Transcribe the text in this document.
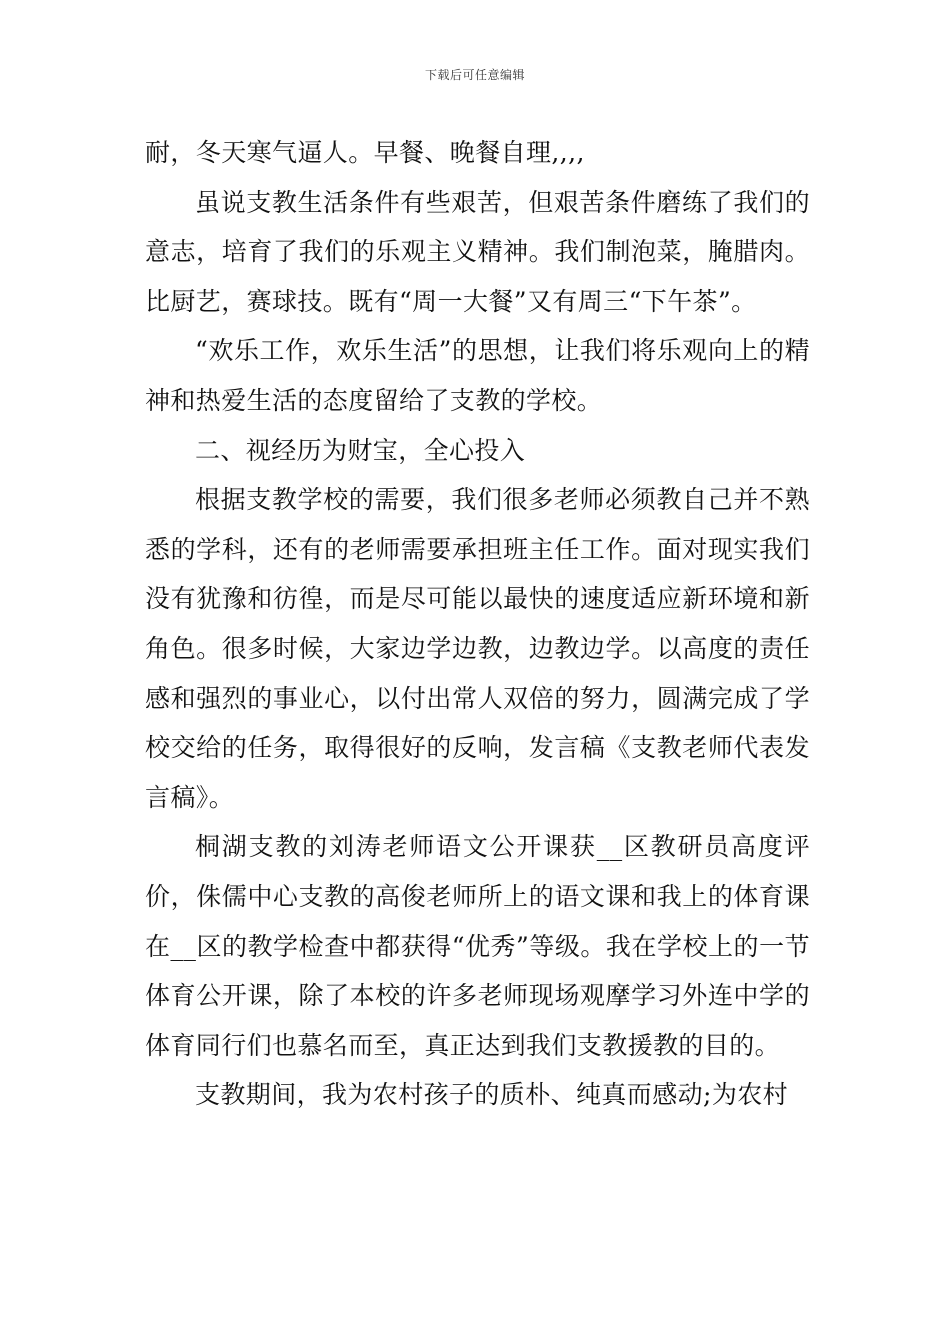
下载后可任意编辑

耐，冬天寒气逼人。早餐、晚餐自理,,,,

虽说支教生活条件有些艰苦，但艰苦条件磨练了我们的意志，培育了我们的乐观主义精神。我们制泡菜，腌腊肉。比厨艺，赛球技。既有“周一大餐”又有周三“下午茶”。

“欢乐工作，欢乐生活”的思想，让我们将乐观向上的精神和热爱生活的态度留给了支教的学校。

二、视经历为财宝，全心投入

根据支教学校的需要，我们很多老师必须教自己并不熟悉的学科，还有的老师需要承担班主任工作。面对现实我们没有犹豫和彷徨，而是尽可能以最快的速度适应新环境和新角色。很多时候，大家边学边教，边教边学。以高度的责任感和强烈的事业心，以付出常人双倍的努力，圆满完成了学校交给的任务，取得很好的反响，发言稿《支教老师代表发言稿》。

桐湖支教的刘涛老师语文公开课获__区教研员高度评价，侏儒中心支教的高俊老师所上的语文课和我上的体育课在__区的教学检查中都获得“优秀”等级。我在学校上的一节体育公开课，除了本校的许多老师现场观摩学习外连中学的体育同行们也慕名而至，真正达到我们支教援教的目的。

支教期间，我为农村孩子的质朴、纯真而感动;为农村
